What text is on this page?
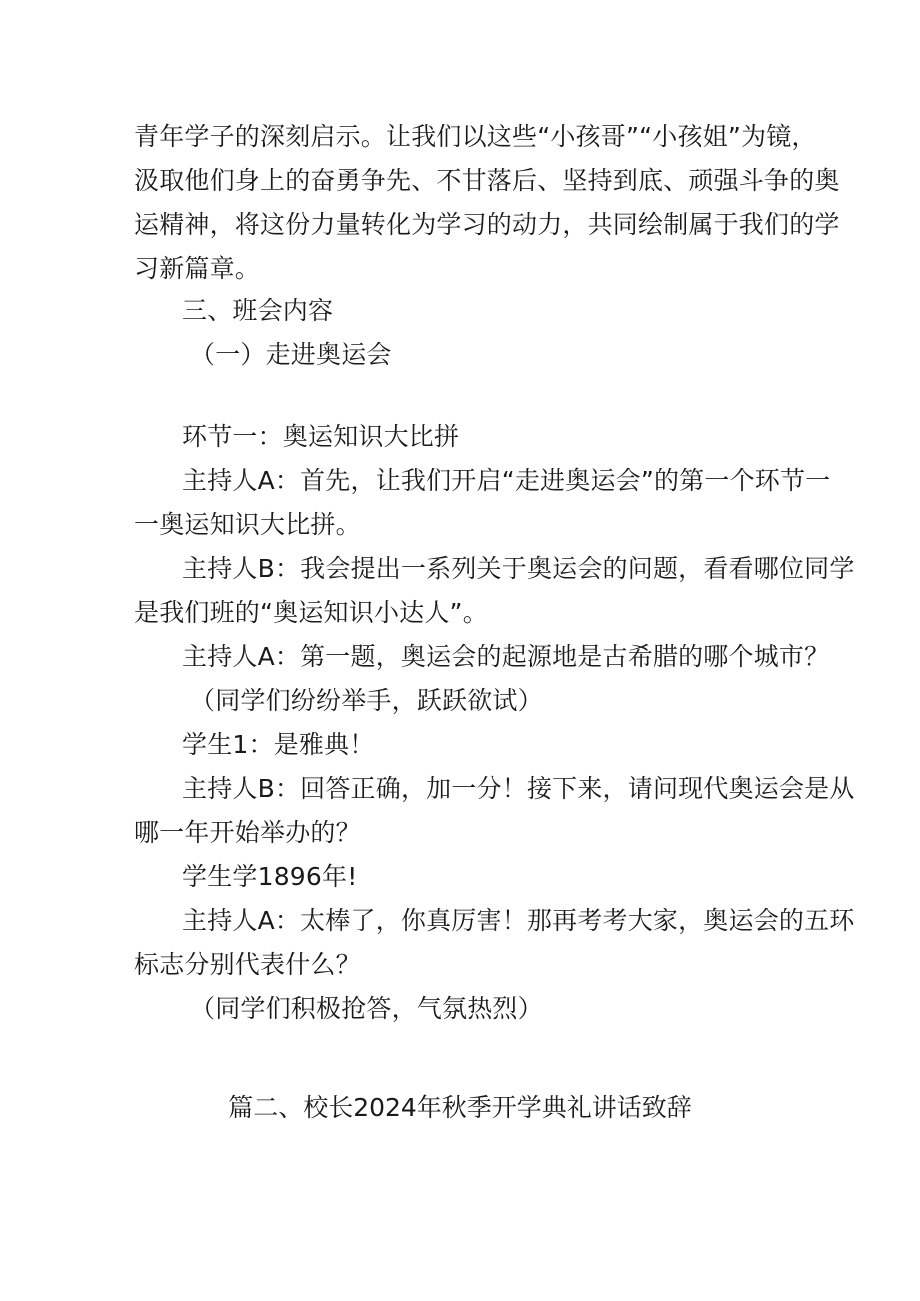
青年学子的深刻启示。让我们以这些“小孩哥”“小孩姐”为镜，
汲取他们身上的奋勇争先、不甘落后、坚持到底、顽强斗争的奥
运精神，将这份力量转化为学习的动力，共同绘制属于我们的学
习新篇章。
三、班会内容
（一）走进奥运会
环节一：奥运知识大比拼
主持人A：首先，让我们开启“走进奥运会”的第一个环节一
一奥运知识大比拼。
主持人B：我会提出一系列关于奥运会的问题，看看哪位同学
是我们班的“奥运知识小达人”。
主持人A：第一题，奥运会的起源地是古希腊的哪个城市？
（同学们纷纷举手，跃跃欲试）
学生1：是雅典！
主持人B：回答正确，加一分！接下来，请问现代奥运会是从
哪一年开始举办的？
学生学1896年!
主持人A：太棒了，你真厉害！那再考考大家，奥运会的五环
标志分别代表什么？
（同学们积极抢答，气氛热烈）
篇二、校长2024年秋季开学典礼讲话致辞
